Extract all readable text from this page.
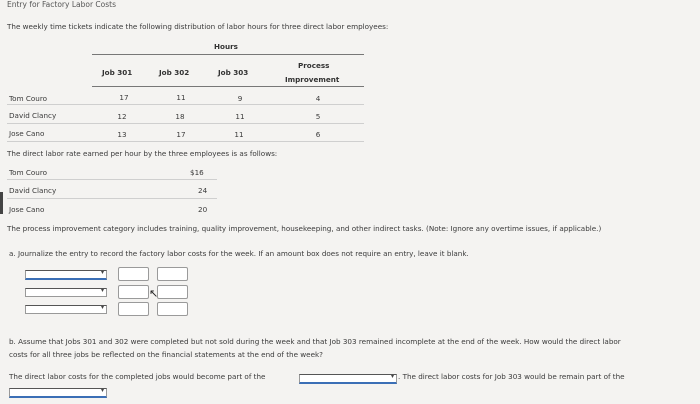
Entry for Factory Labor Costs
The weekly time tickets indicate the following distribution of labor hours for three direct labor employees:
Hours
Job 301	Job 302	Job 303
Process
Improvement
Tom Couro	17	11	9	4
David Clancy	12	18	11	5
Jose Cano	13	17	11	6
The direct labor rate earned per hour by the three employees is as follows:
Tom Couro	$16
David Clancy	24
Jose Cano	20
The process improvement category includes training, quality improvement, housekeeping, and other indirect tasks. (Note: Ignore any overtime issues, if applicable.)
a. Journalize the entry to record the factory labor costs for the week. If an amount box does not require an entry, leave it blank.
▾
▾
▾
↖
b. Assume that Jobs 301 and 302 were completed but not sold during the week and that Job 303 remained incomplete at the end of the week. How would the direct labor
costs for all three jobs be reflected on the financial statements at the end of the week?
The direct labor costs for the completed jobs would become part of the	▾ . The direct labor costs for Job 303 would be remain part of the
▾
